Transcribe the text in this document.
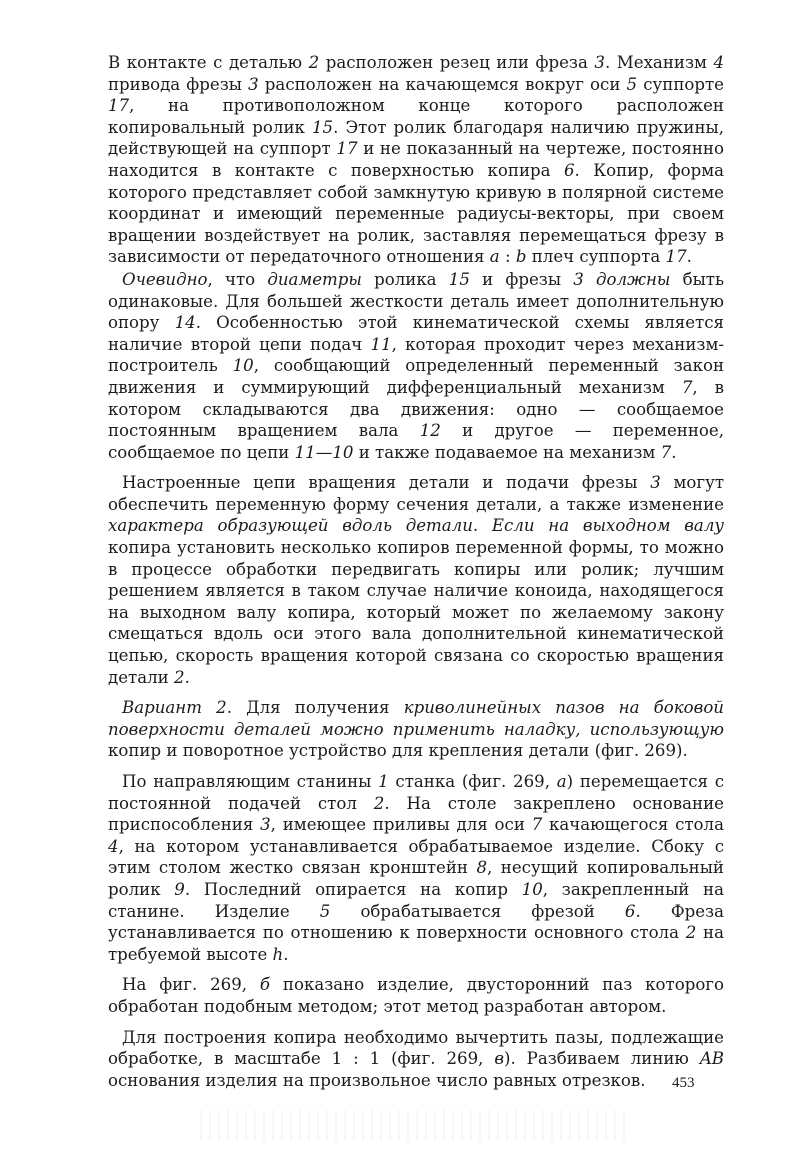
В контакте с деталью 2 расположен резец или фреза 3. Механизм 4 привода фрезы 3 расположен на качающемся вокруг оси 5 суппорте 17, на противоположном конце которого расположен копировальный ролик 15. Этот ролик благодаря наличию пружины, действующей на суппорт 17 и не показанный на чертеже, постоянно находится в контакте с поверхностью копира 6. Копир, форма которого представляет собой замкнутую кривую в полярной системе координат и имеющий переменные радиусы-векторы, при своем вращении воздействует на ролик, заставляя перемещаться фрезу в зависимости от передаточного отношения a : b плеч суппорта 17.

Очевидно, что диаметры ролика 15 и фрезы 3 должны быть одинаковые. Для большей жесткости деталь имеет дополнительную опору 14. Особенностью этой кинематической схемы является наличие второй цепи подач 11, которая проходит через механизм-построитель 10, сообщающий определенный переменный закон движения и суммирующий дифференциальный механизм 7, в котором складываются два движения: одно — сообщаемое постоянным вращением вала 12 и другое — переменное, сообщаемое по цепи 11—10 и также подаваемое на механизм 7.

Настроенные цепи вращения детали и подачи фрезы 3 могут обеспечить переменную форму сечения детали, а также изменение характера образующей вдоль детали. Если на выходном валу копира установить несколько копиров переменной формы, то можно в процессе обработки передвигать копиры или ролик; лучшим решением является в таком случае наличие коноида, находящегося на выходном валу копира, который может по желаемому закону смещаться вдоль оси этого вала дополнительной кинематической цепью, скорость вращения которой связана со скоростью вращения детали 2.

Вариант 2. Для получения криволинейных пазов на боковой поверхности деталей можно применить наладку, использующую копир и поворотное устройство для крепления детали (фиг. 269).

По направляющим станины 1 станка (фиг. 269, а) перемещается с постоянной подачей стол 2. На столе закреплено основание приспособления 3, имеющее приливы для оси 7 качающегося стола 4, на котором устанавливается обрабатываемое изделие. Сбоку с этим столом жестко связан кронштейн 8, несущий копировальный ролик 9. Последний опирается на копир 10, закрепленный на станине. Изделие 5 обрабатывается фрезой 6. Фреза устанавливается по отношению к поверхности основного стола 2 на требуемой высоте h.

На фиг. 269, б показано изделие, двусторонний паз которого обработан подобным методом; этот метод разработан автором.

Для построения копира необходимо вычертить пазы, подлежащие обработке, в масштабе 1 : 1 (фиг. 269, в). Разбиваем линию AB основания изделия на произвольное число равных отрезков.	453
